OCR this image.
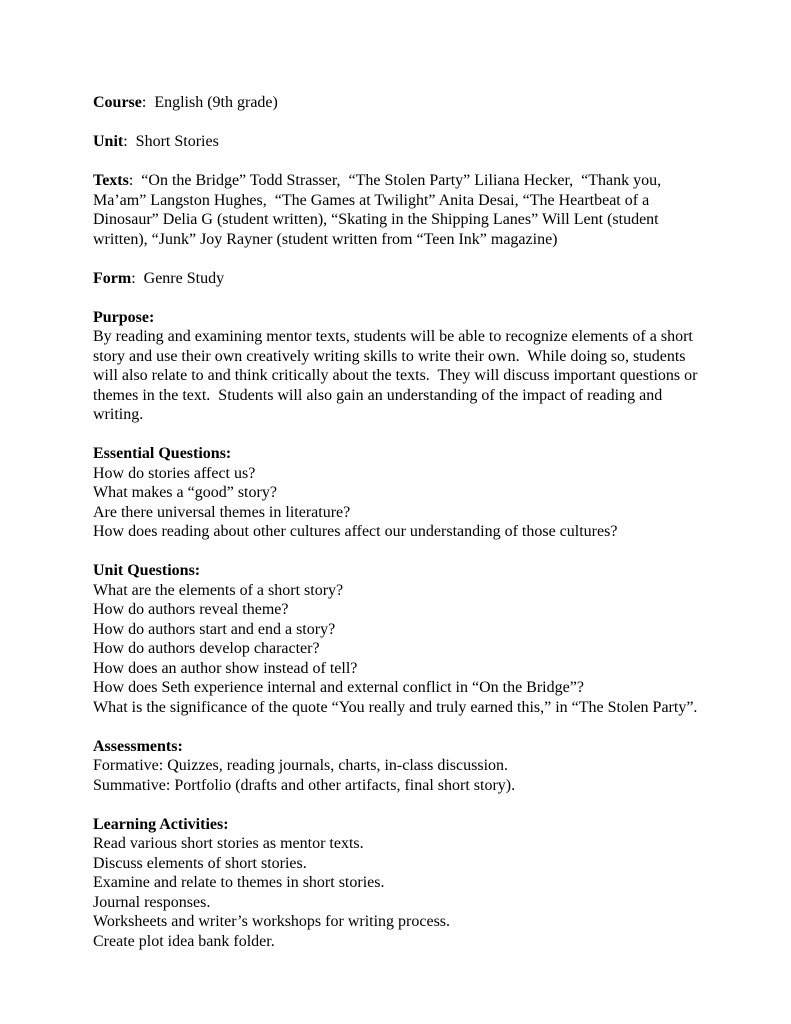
Course:  English (9th grade)

Unit:  Short Stories

Texts:  “On the Bridge” Todd Strasser,  “The Stolen Party” Liliana Hecker,  “Thank you, Ma’am” Langston Hughes,  “The Games at Twilight” Anita Desai, “The Heartbeat of a Dinosaur” Delia G (student written), “Skating in the Shipping Lanes” Will Lent (student written), “Junk” Joy Rayner (student written from “Teen Ink” magazine)

Form:  Genre Study

Purpose:

By reading and examining mentor texts, students will be able to recognize elements of a short story and use their own creatively writing skills to write their own.  While doing so, students will also relate to and think critically about the texts.  They will discuss important questions or themes in the text.  Students will also gain an understanding of the impact of reading and writing.

Essential Questions:

How do stories affect us?

What makes a “good” story?

Are there universal themes in literature?

How does reading about other cultures affect our understanding of those cultures?

Unit Questions:

What are the elements of a short story?

How do authors reveal theme?

How do authors start and end a story?

How do authors develop character?

How does an author show instead of tell?

How does Seth experience internal and external conflict in “On the Bridge”?

What is the significance of the quote “You really and truly earned this,” in “The Stolen Party”.

Assessments:

Formative: Quizzes, reading journals, charts, in-class discussion.

Summative: Portfolio (drafts and other artifacts, final short story).

Learning Activities:

Read various short stories as mentor texts.

Discuss elements of short stories.

Examine and relate to themes in short stories.

Journal responses.

Worksheets and writer’s workshops for writing process.

Create plot idea bank folder.
